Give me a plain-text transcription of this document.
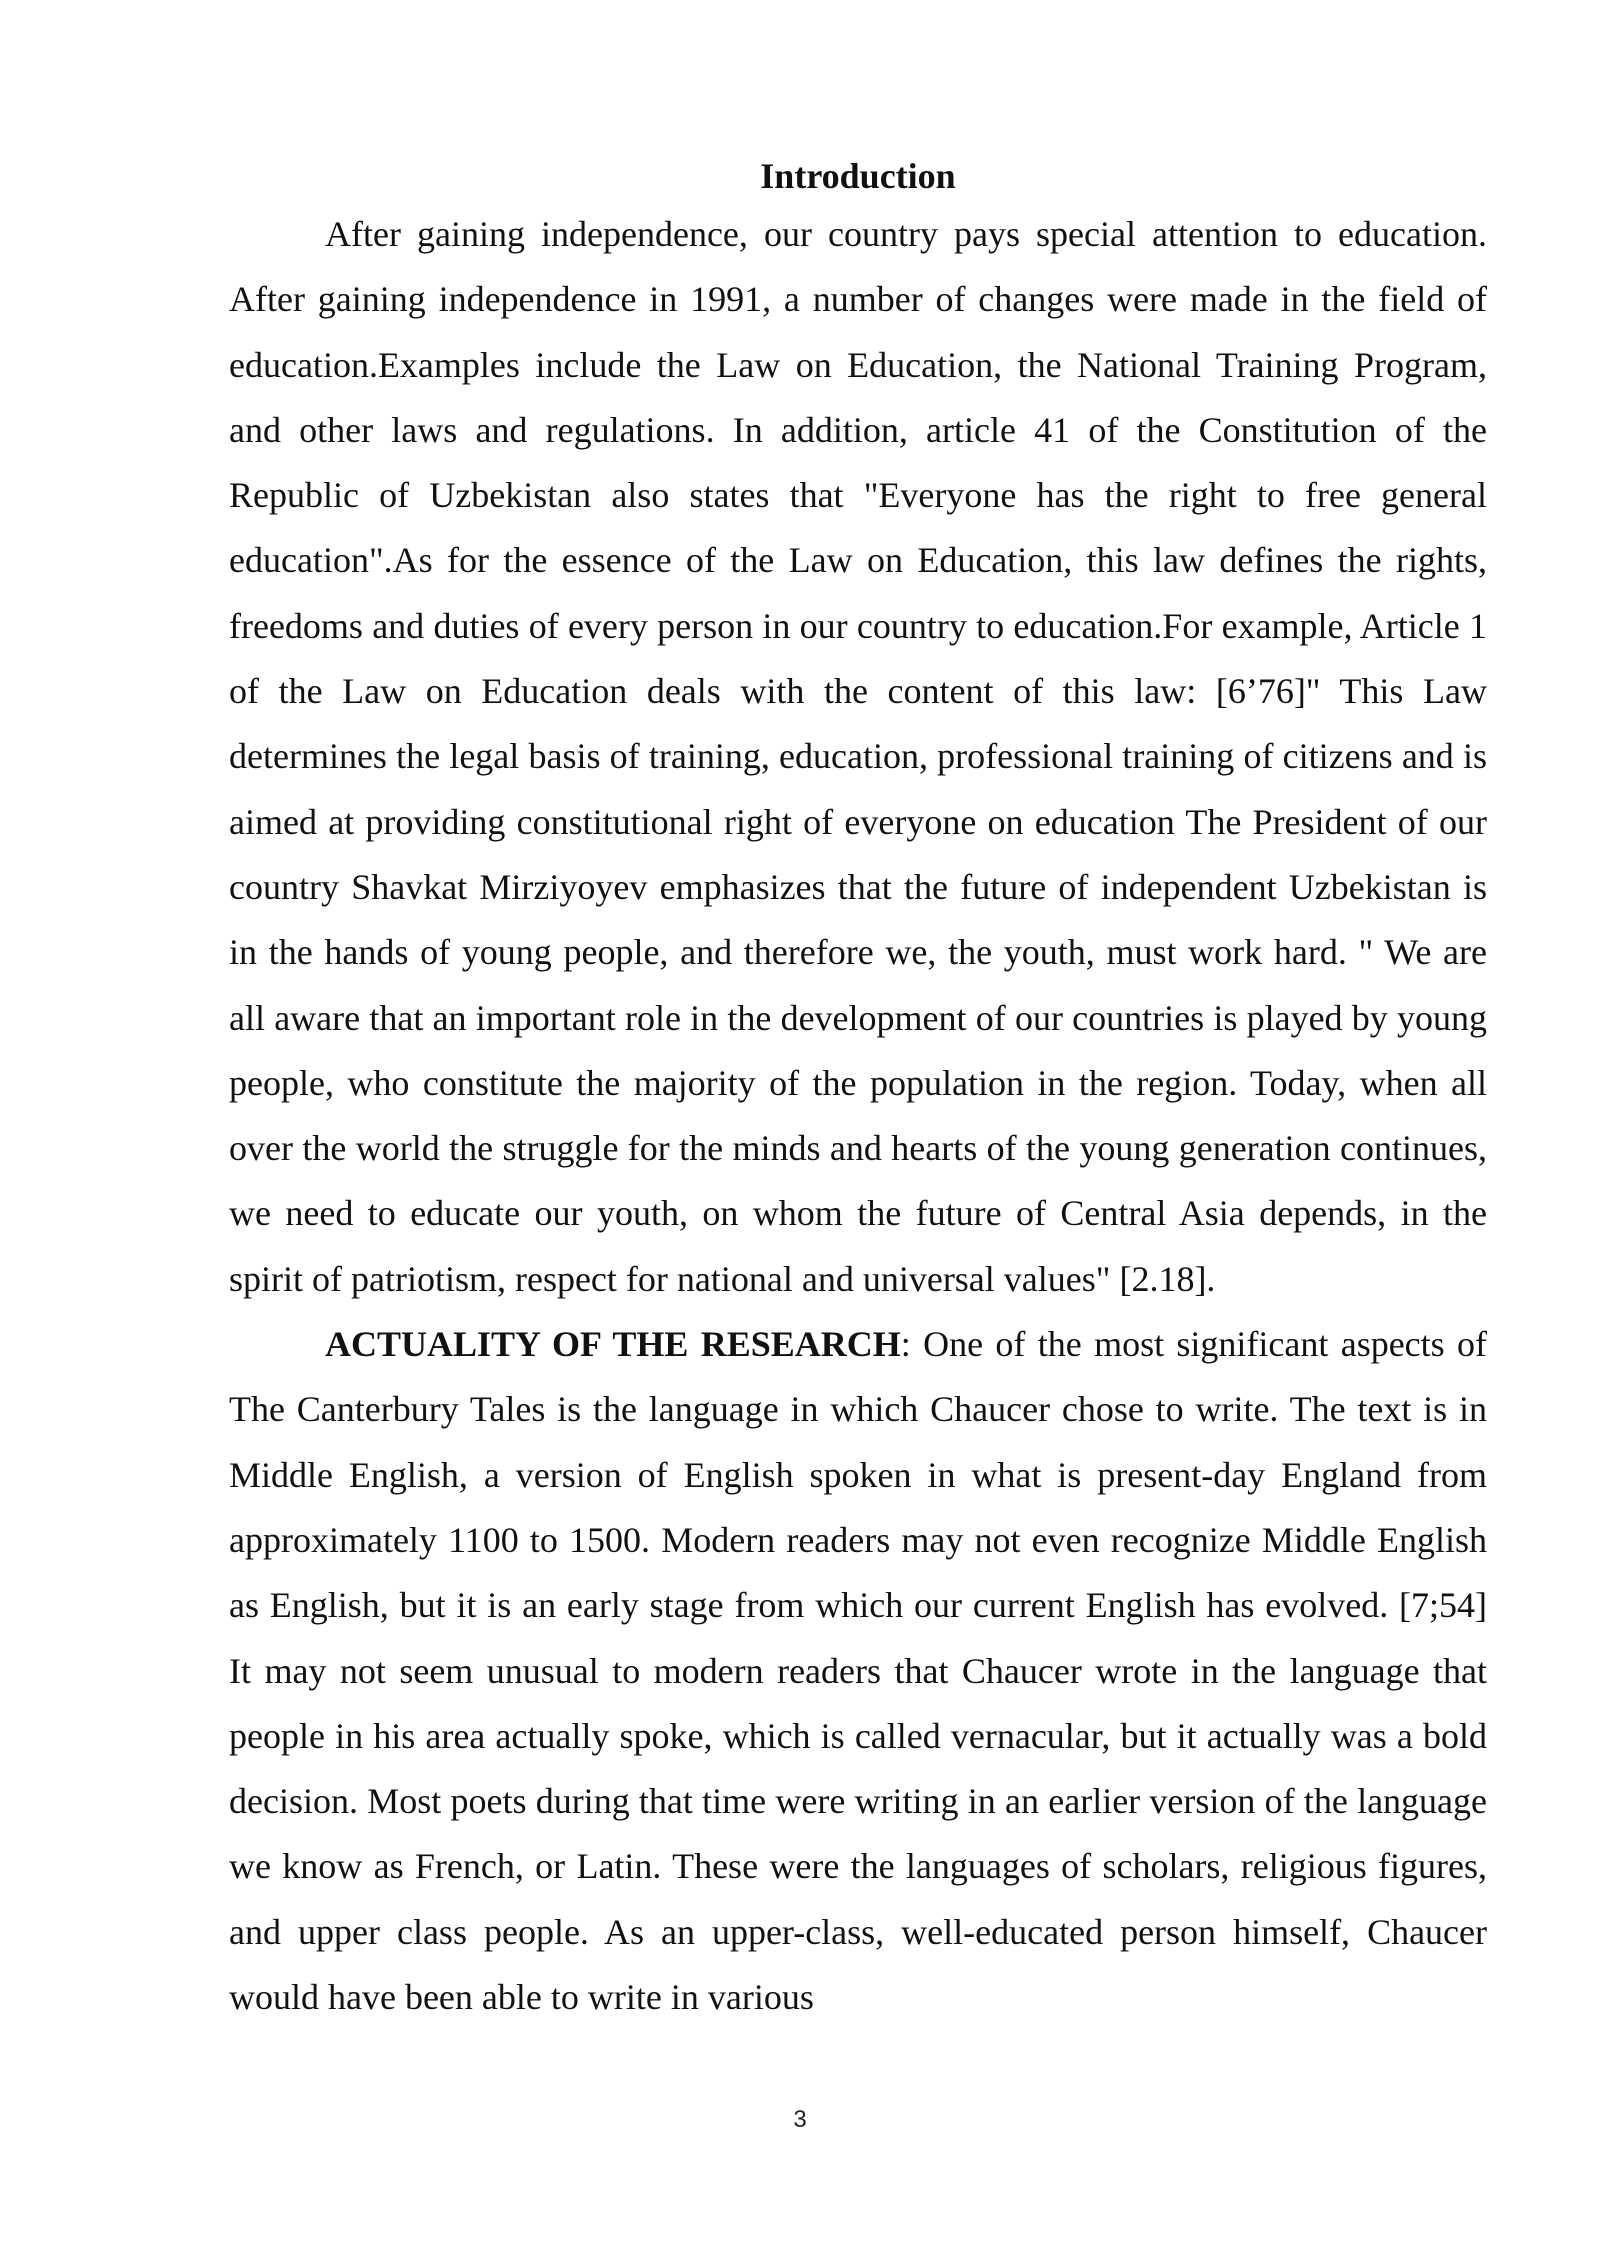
Introduction

After gaining independence, our country pays special attention to education. After gaining independence in 1991, a number of changes were made in the field of education.Examples include the Law on Education, the National Training Program, and other laws and regulations. In addition, article 41 of the Constitution of the Republic of Uzbekistan also states that "Everyone has the right to free general education".As for the essence of the Law on Education, this law defines the rights, freedoms and duties of every person in our country to education.For example, Article 1 of the Law on Education deals with the content of this law: [6’76]" This Law determines the legal basis of training, education, professional training of citizens and is aimed at providing constitutional right of everyone on education The President of our country Shavkat Mirziyoyev emphasizes that the future of independent Uzbekistan is in the hands of young people, and therefore we, the youth, must work hard. " We are all aware that an important role in the development of our countries is played by young people, who constitute the majority of the population in the region. Today, when all over the world the struggle for the minds and hearts of the young generation continues, we need to educate our youth, on whom the future of Central Asia depends, in the spirit of patriotism, respect for national and universal values" [2.18].

ACTUALITY OF THE RESEARCH: One of the most significant aspects of The Canterbury Tales is the language in which Chaucer chose to write. The text is in Middle English, a version of English spoken in what is present-day England from approximately 1100 to 1500. Modern readers may not even recognize Middle English as English, but it is an early stage from which our current English has evolved. [7;54] It may not seem unusual to modern readers that Chaucer wrote in the language that people in his area actually spoke, which is called vernacular, but it actually was a bold decision. Most poets during that time were writing in an earlier version of the language we know as French, or Latin. These were the languages of scholars, religious figures, and upper class people. As an upper-class, well-educated person himself, Chaucer would have been able to write in various

3
